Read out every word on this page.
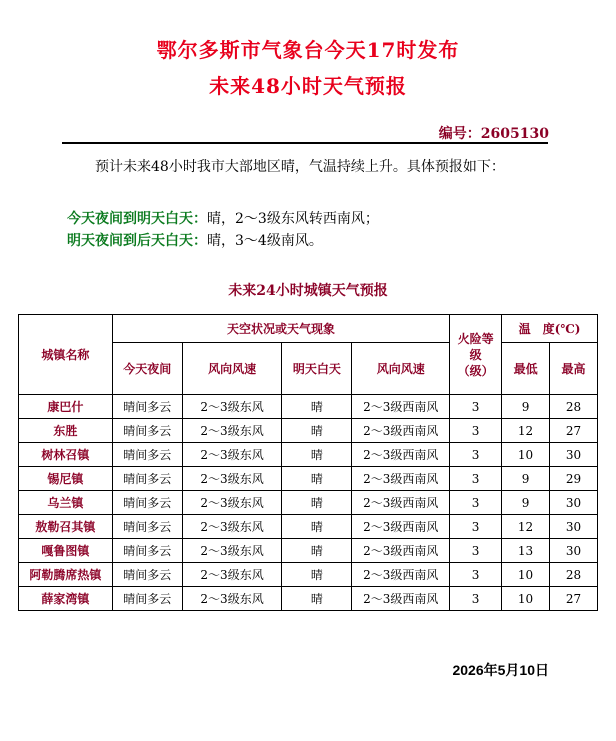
鄂尔多斯市气象台今天17时发布
未来48小时天气预报
编号：2605130
预计未来48小时我市大部地区晴，气温持续上升。具体预报如下：
今天夜间到明天白天：晴，2～3级东风转西南风；
明天夜间到后天白天：晴，3～4级南风。
未来24小时城镇天气预报
城镇名称	天空状况或天气现象				火险等级（级）	温　度(℃)	
	今天夜间	风向风速	明天白天	风向风速		最低	最高
康巴什	晴间多云	2～3级东风	晴	2～3级西南风	3	9	28
东胜	晴间多云	2～3级东风	晴	2～3级西南风	3	12	27
树林召镇	晴间多云	2～3级东风	晴	2～3级西南风	3	10	30
锡尼镇	晴间多云	2～3级东风	晴	2～3级西南风	3	9	29
乌兰镇	晴间多云	2～3级东风	晴	2～3级西南风	3	9	30
敖勒召其镇	晴间多云	2～3级东风	晴	2～3级西南风	3	12	30
嘎鲁图镇	晴间多云	2～3级东风	晴	2～3级西南风	3	13	30
阿勒腾席热镇	晴间多云	2～3级东风	晴	2～3级西南风	3	10	28
薛家湾镇	晴间多云	2～3级东风	晴	2～3级西南风	3	10	27
2026年5月10日
